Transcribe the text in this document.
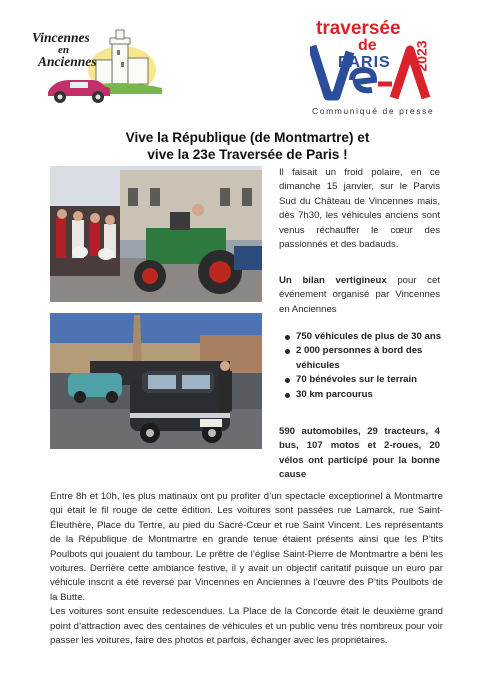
Vincennes
en
Anciennes
traversée
de
PARIS 2023
Communiqué de presse
Vive la République (de Montmartre) et
vive la 23e Traversée de Paris !
Il faisait un froid polaire, en ce dimanche 15 janvier, sur le Parvis Sud du Château de Vincennes mais, dès 7h30, les véhicules anciens sont venus réchauffer le cœur des passionnés et des badauds.
Un bilan vertigineux pour cet événement organisé par Vincennes en Anciennes
750 véhicules de plus de 30 ans
2 000 personnes à bord des véhicules
70 bénévoles sur le terrain
30 km parcourus
590 automobiles, 29 tracteurs, 4 bus, 107 motos et 2-roues, 20 vélos ont participé pour la bonne cause
Entre 8h et 10h, les plus matinaux ont pu profiter d’un spectacle exceptionnel à Montmartre qui était le fil rouge de cette édition. Les voitures sont passées rue Lamarck, rue Saint-Éleuthère, Place du Tertre, au pied du Sacré-Cœur et rue Saint Vincent. Les représentants de la République de Montmartre en grande tenue étaient présents ainsi que les P’tits Poulbots qui jouaient du tambour. Le prêtre de l’église Saint-Pierre de Montmartre a béni les voitures. Derrière cette ambiance festive, il y avait un objectif caritatif puisque un euro par véhicule inscrit a été reversé par Vincennes en Anciennes à l’œuvre des P’tits Poulbots de la Butte.
Les voitures sont ensuite redescendues. La Place de la Concorde était le deuxième grand point d’attraction avec des centaines de véhicules et un public venu très nombreux pour voir passer les voitures, faire des photos et parfois, échanger avec les propriétaires.
